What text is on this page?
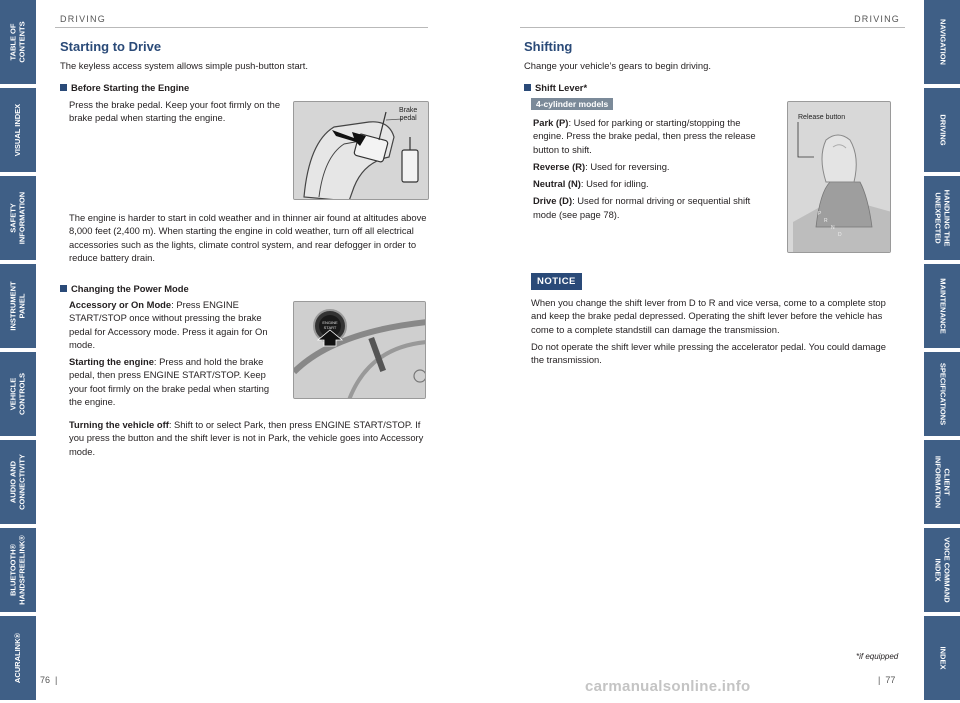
TABLE OF
CONTENTS
VISUAL INDEX
SAFETY
INFORMATION
INSTRUMENT
PANEL
VEHICLE
CONTROLS
AUDIO AND
CONNECTIVITY
BLUETOOTH®
HANDSFREELINK®
ACURALINK®
NAVIGATION
DRIVING
HANDLING THE
UNEXPECTED
MAINTENANCE
SPECIFICATIONS
CLIENT
INFORMATION
VOICE COMMAND
INDEX
INDEX
DRIVING
Starting to Drive
The keyless access system allows simple push-button start.
Before Starting the Engine
Press the brake pedal. Keep your foot firmly on the brake pedal when starting the engine.
Brake
pedal
The engine is harder to start in cold weather and in thinner air found at altitudes above 8,000 feet (2,400 m). When starting the engine in cold weather, turn off all electrical accessories such as the lights, climate control system, and rear defogger in order to reduce battery drain.
Changing the Power Mode

Accessory or On Mode: Press ENGINE START/STOP once without pressing the brake pedal for Accessory mode. Press it again for On mode.

Starting the engine: Press and hold the brake pedal, then press ENGINE START/STOP. Keep your foot firmly on the brake pedal when starting the engine.

ENGINE
START

Turning the vehicle off: Shift to or select Park, then press ENGINE START/STOP. If you press the button and the shift lever is not in Park, the vehicle goes into Accessory mode.

76  |
DRIVING
Shifting
Change your vehicle’s gears to begin driving.
Shift Lever*
4-cylinder models

Park (P): Used for parking or starting/stopping the engine. Press the brake pedal, then press the release button to shift.

Reverse (R): Used for reversing.

Neutral (N): Used for idling.

Drive (D): Used for normal driving or sequential shift mode (see page 78).	P
R
N
D
Release button
NOTICE

When you change the shift lever from D to R and vice versa, come to a complete stop and keep the brake pedal depressed. Operating the shift lever before the vehicle has come to a complete standstill can damage the transmission.

Do not operate the shift lever while pressing the accelerator pedal. You could damage the transmission.

*if equipped
|  77
carmanualsonline.info
